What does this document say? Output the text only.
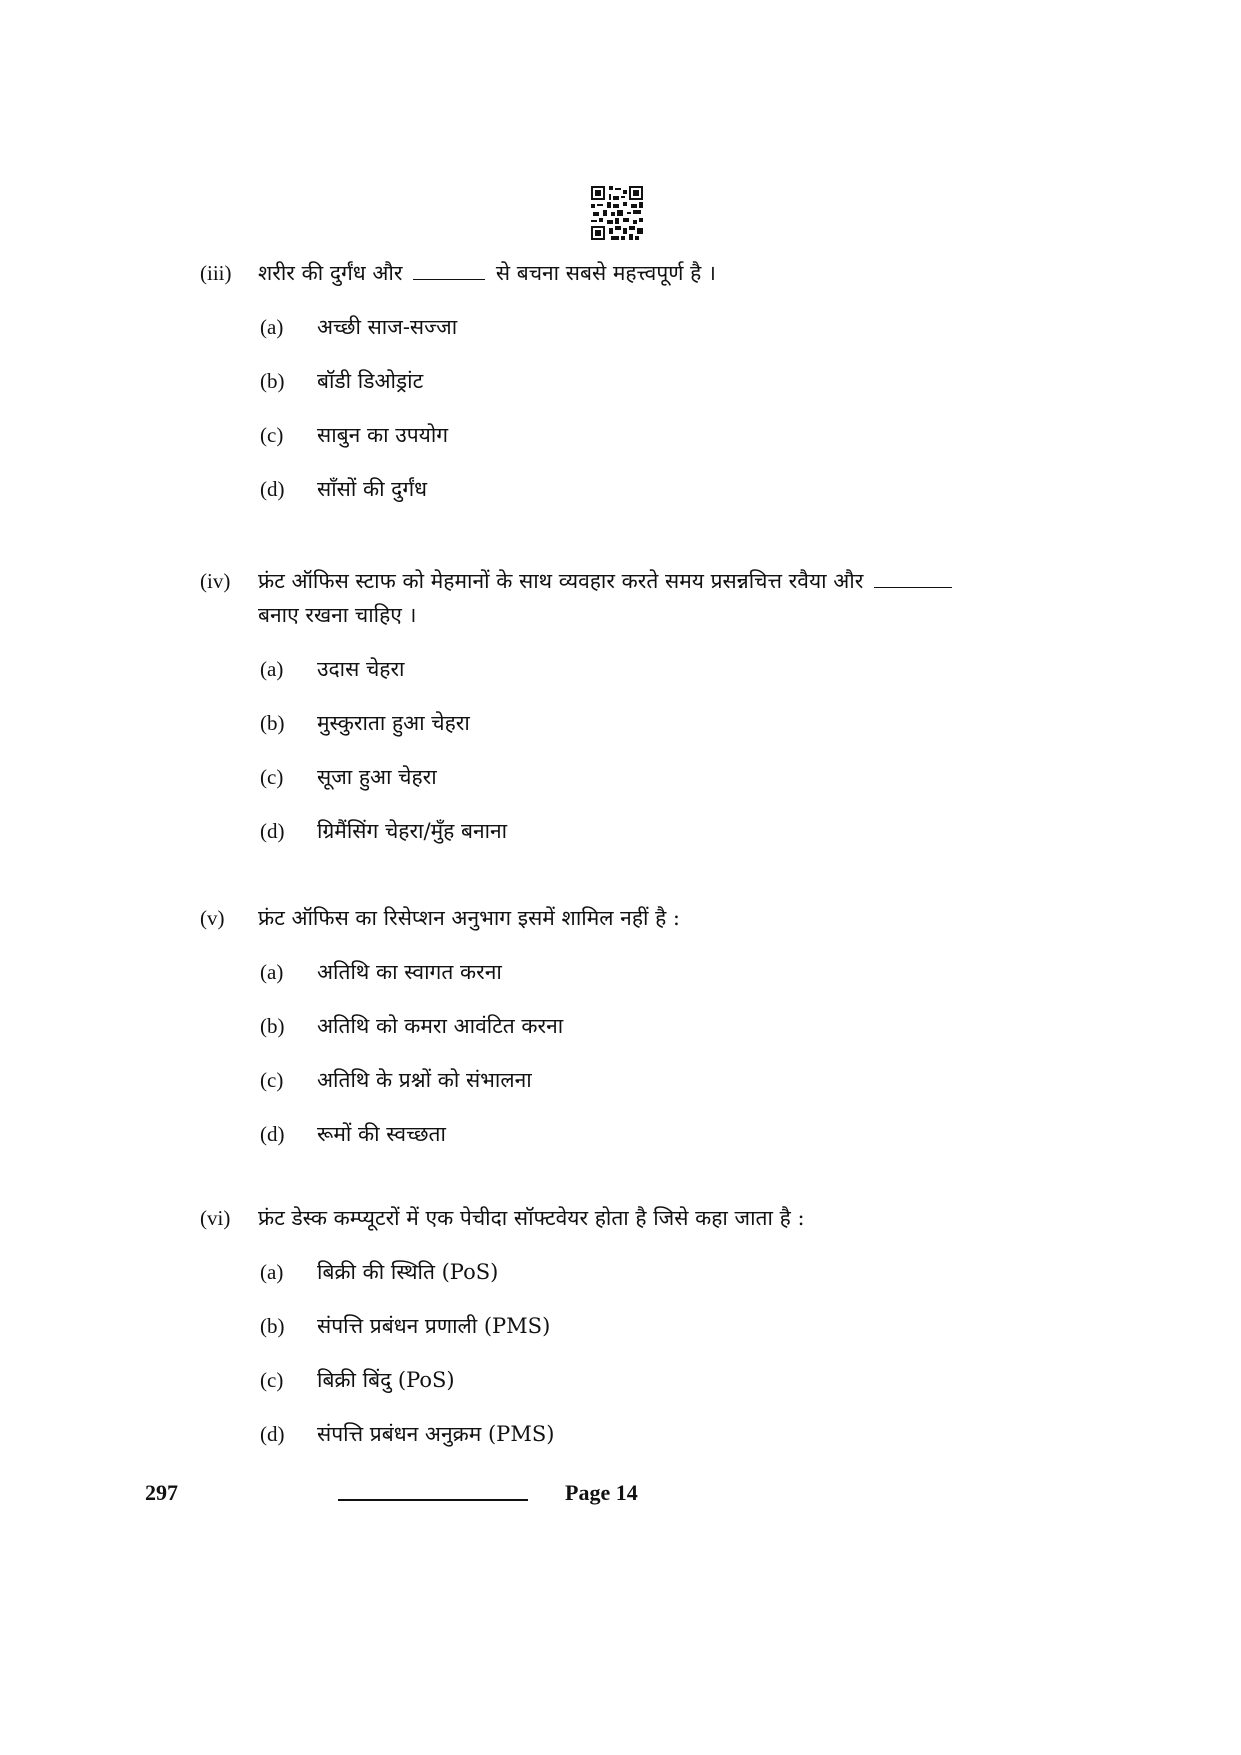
(iii)	शरीर की दुर्गंध और	से बचना सबसे महत्त्वपूर्ण है ।
(a)	अच्छी साज-सज्जा
(b)	बॉडी डिओड्रांट
(c)	साबुन का उपयोग
(d)	साँसों की दुर्गंध
(iv)	फ्रंट ऑफिस स्टाफ को मेहमानों के साथ व्यवहार करते समय प्रसन्नचित्त रवैया और
बनाए रखना चाहिए ।
(a)	उदास चेहरा
(b)	मुस्कुराता हुआ चेहरा
(c)	सूजा हुआ चेहरा
(d)	ग्रिमैंसिंग चेहरा/मुँह बनाना
(v)	फ्रंट ऑफिस का रिसेप्शन अनुभाग इसमें शामिल नहीं है :
(a)	अतिथि का स्वागत करना
(b)	अतिथि को कमरा आवंटित करना
(c)	अतिथि के प्रश्नों को संभालना
(d)	रूमों की स्वच्छता
(vi)	फ्रंट डेस्क कम्प्यूटरों में एक पेचीदा सॉफ्टवेयर होता है जिसे कहा जाता है :
(a)	बिक्री की स्थिति (PoS)
(b)	संपत्ति प्रबंधन प्रणाली (PMS)
(c)	बिक्री बिंदु (PoS)
(d)	संपत्ति प्रबंधन अनुक्रम (PMS)
297	Page 14
